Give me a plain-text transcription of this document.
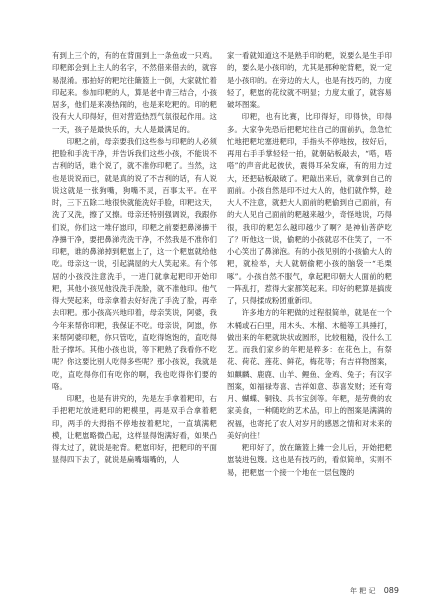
有到上三个的，有的在背面到上一条鱼或一只鸡。印粑郎会到上主人的名字，不然借来借去的，就容易混淆。那拍好的粑坨往簸篮上一倒，大家就忙着印起来。参加印粑的人，算是老中青三结合，小孩居多，他们是来凑热闹的，也是来吃粑的。印的粑没有大人印得好，但对营造热烈气氛很起作用。这一天，孩子是最快乐的，大人是最满足的。

印粑之前，母亲要我们这些参与印粑的人必须把脸和手洗干净，并告诉我们这些小孩，不能说不吉利的话，谁个说了，就不准你印粑了。当然，这也是说说而已，就是真的说了不吉利的话，有人说说这就是一张狗嘴，狗嘴不灵，百事太平。在平时，三下五除二地很快就能洗好手脸，印粑这天，洗了又洗，擦了又擦。母亲还特别强调说，我跟你们说，你们这一堆仔崽印，印粑之前要把鼻涕擤干净擤干净，要把鼻涕壳洗干净，不然我是不准你们印粑，谁的鼻涕掉到粑崽上了，这一个粑崽就给他吃。母亲这一说，引起满屋的大人笑起来。有个邻居的小孩没注意洗手，一进门就拿起粑印开始印粑，其他小孩见他没洗手洗脸，就不准他印。他气得大哭起来，母亲拿着去好好洗了手洗了脸，再牵去印粑。那小孩高兴地印着，母亲笑说，阿婆，我今年来帮你印粑，我保证不吃。母亲说，阿崽，你来帮阿婆印粑，你只管吃，直吃得饱饱的，直吃得肚子撑坏。其他小孩也说，等下粑熟了我看你不吃呢？你这要比别人吃得多些呢？那小孩说，我就是吃，直吃得你们有吃你的啊，我也吃得你们要的咯。

印粑，也是有讲究的，先是左手拿着粑印，右手把粑坨放进粑印的粑模里，再是双手合拿着粑印，两手的大拇指不停地按着粑坨，一直填满粑模，让粑崽略微凸起，这样显得饱满好看，如果凸得太过了，就说是驼背。粑崽印好，把粑印的平面显得四下去了，就说是扁嘴塌嘴的，人

家一看就知道这不是熟手印的粑，说要么是生手印的，要么是小孩印的，尤其是那种驼背粑，说一定是小孩印的。在旁边的大人，也是有技巧的，力度轻了，粑崽的花纹就不明显；力度太重了，就容易破坏图案。

印粑，也有比赛，比印得好，印得快，印得多。大家争先恐后把粑坨往自己的面前扒，急急忙忙地把粑坨塞进粑印，手指头不停地按，按好后，再用右手手掌轻轻一拍，就朝砧板敲去，“嗒，嗒嗒”的声音此起彼伏，震得耳朵发麻，有的用力过大，还把砧板敲破了。粑敲出来后，就拿到自己的面前。小孩自然是印不过大人的，他们就作弊，趁大人不注意，就把大人面前的粑偷到自己面前，有的大人见自己面前的粑越来越少，奇怪地说，巧得很，我印的粑怎么越印越少了啊？是神仙菩萨吃了？听他这一说，偷粑的小孩就忍不住笑了，一不小心笑出了鼻涕泡。有的小孩见别的小孩偷大人的粑，就检举，大人就朝偷粑小孩的脑袋一“毛栗啄”。小孩自然不服气，拿起粑印朝大人面前的粑一阵乱打，惹得大家都笑起来。印好的粑算是搞废了，只得揉成粉团重新印。

许多地方的年粑做的过程很简单，就是在一个木桶或石臼里，用木头、木榴、木槌等工具捶打，做出来的年粑就块状或圆形，比较粗糙，没什么工艺。而我们家乡的年粑是粹多：在花色上，有祭花、荷花、莲花、鲜花，梅花等；有吉祥物图案，如麒麟、鹿鹿、山羊、鲤鱼、金鸡、兔子；有汉字图案，如福禄寿喜、吉祥如意、恭喜发财；还有弯月、蝴蝶、铜钱、兵书宝剑等。年粑，是劳费的农家美食，一种随吃的艺术品，印上的图案是满满的祝福，也寄托了农人对岁月的感恩之情和对未来的美好向往！

粑印好了，放在簸篮上摊一会儿后，开始把粑崽装进包篾。这也是有技巧的，看似简单，实则不易，把粑崽一个接一个地在一层包篾的

年 粑 记 089
